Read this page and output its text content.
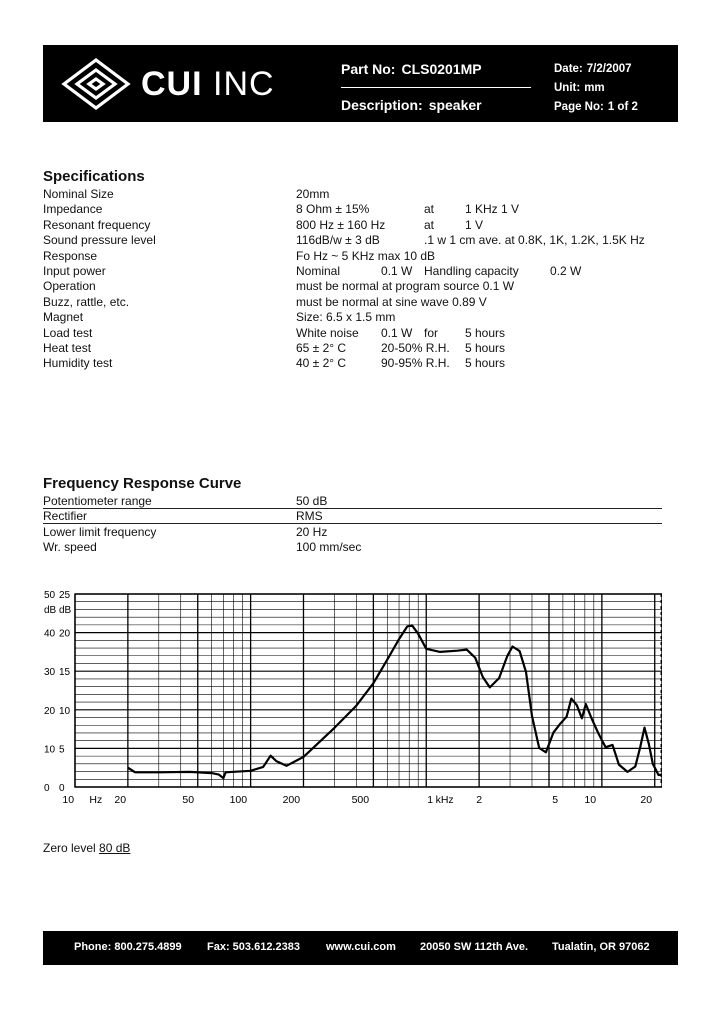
CUI INC	Part No: CLS0201MP
Description: speaker
Date: 7/2/2007
Unit: mm
Page No: 1 of 2
Specifications
Nominal Size	20mm
Impedance	8 Ohm ± 15%	at	1 KHz 1 V
Resonant frequency	800 Hz ± 160 Hz	at	1 V
Sound pressure level	116dB/w ± 3 dB	.1 w 1 cm ave. at 0.8K, 1K, 1.2K, 1.5K Hz
Response	Fo Hz ~ 5 KHz max 10 dB
Input power	Nominal	0.1 W Handling capacity	0.2 W
Operation	must be normal at program source 0.1 W
Buzz, rattle, etc.	must be normal at sine wave 0.89 V
Magnet	Size: 6.5 x 1.5 mm
Load test	White noise 0.1 W for 5 hours
Heat test	65 ± 2° C	20-50% R.H. 5 hours
Humidity test	40 ± 2° C	90-95% R.H. 5 hours
Frequency Response Curve
Potentiometer range	50 dB
Rectifier	RMS
Lower limit frequency	20 Hz
Wr. speed	100 mm/sec
50
dB
40
30
20
10
0
25
dB
20
15
10
5
0
10 Hz 20	50	100	200	500	1 kHz 2	5	10	20
Zero level 80 dB
Phone: 800.275.4899 Fax: 503.612.2383 www.cui.com 20050 SW 112th Ave. Tualatin, OR 97062
